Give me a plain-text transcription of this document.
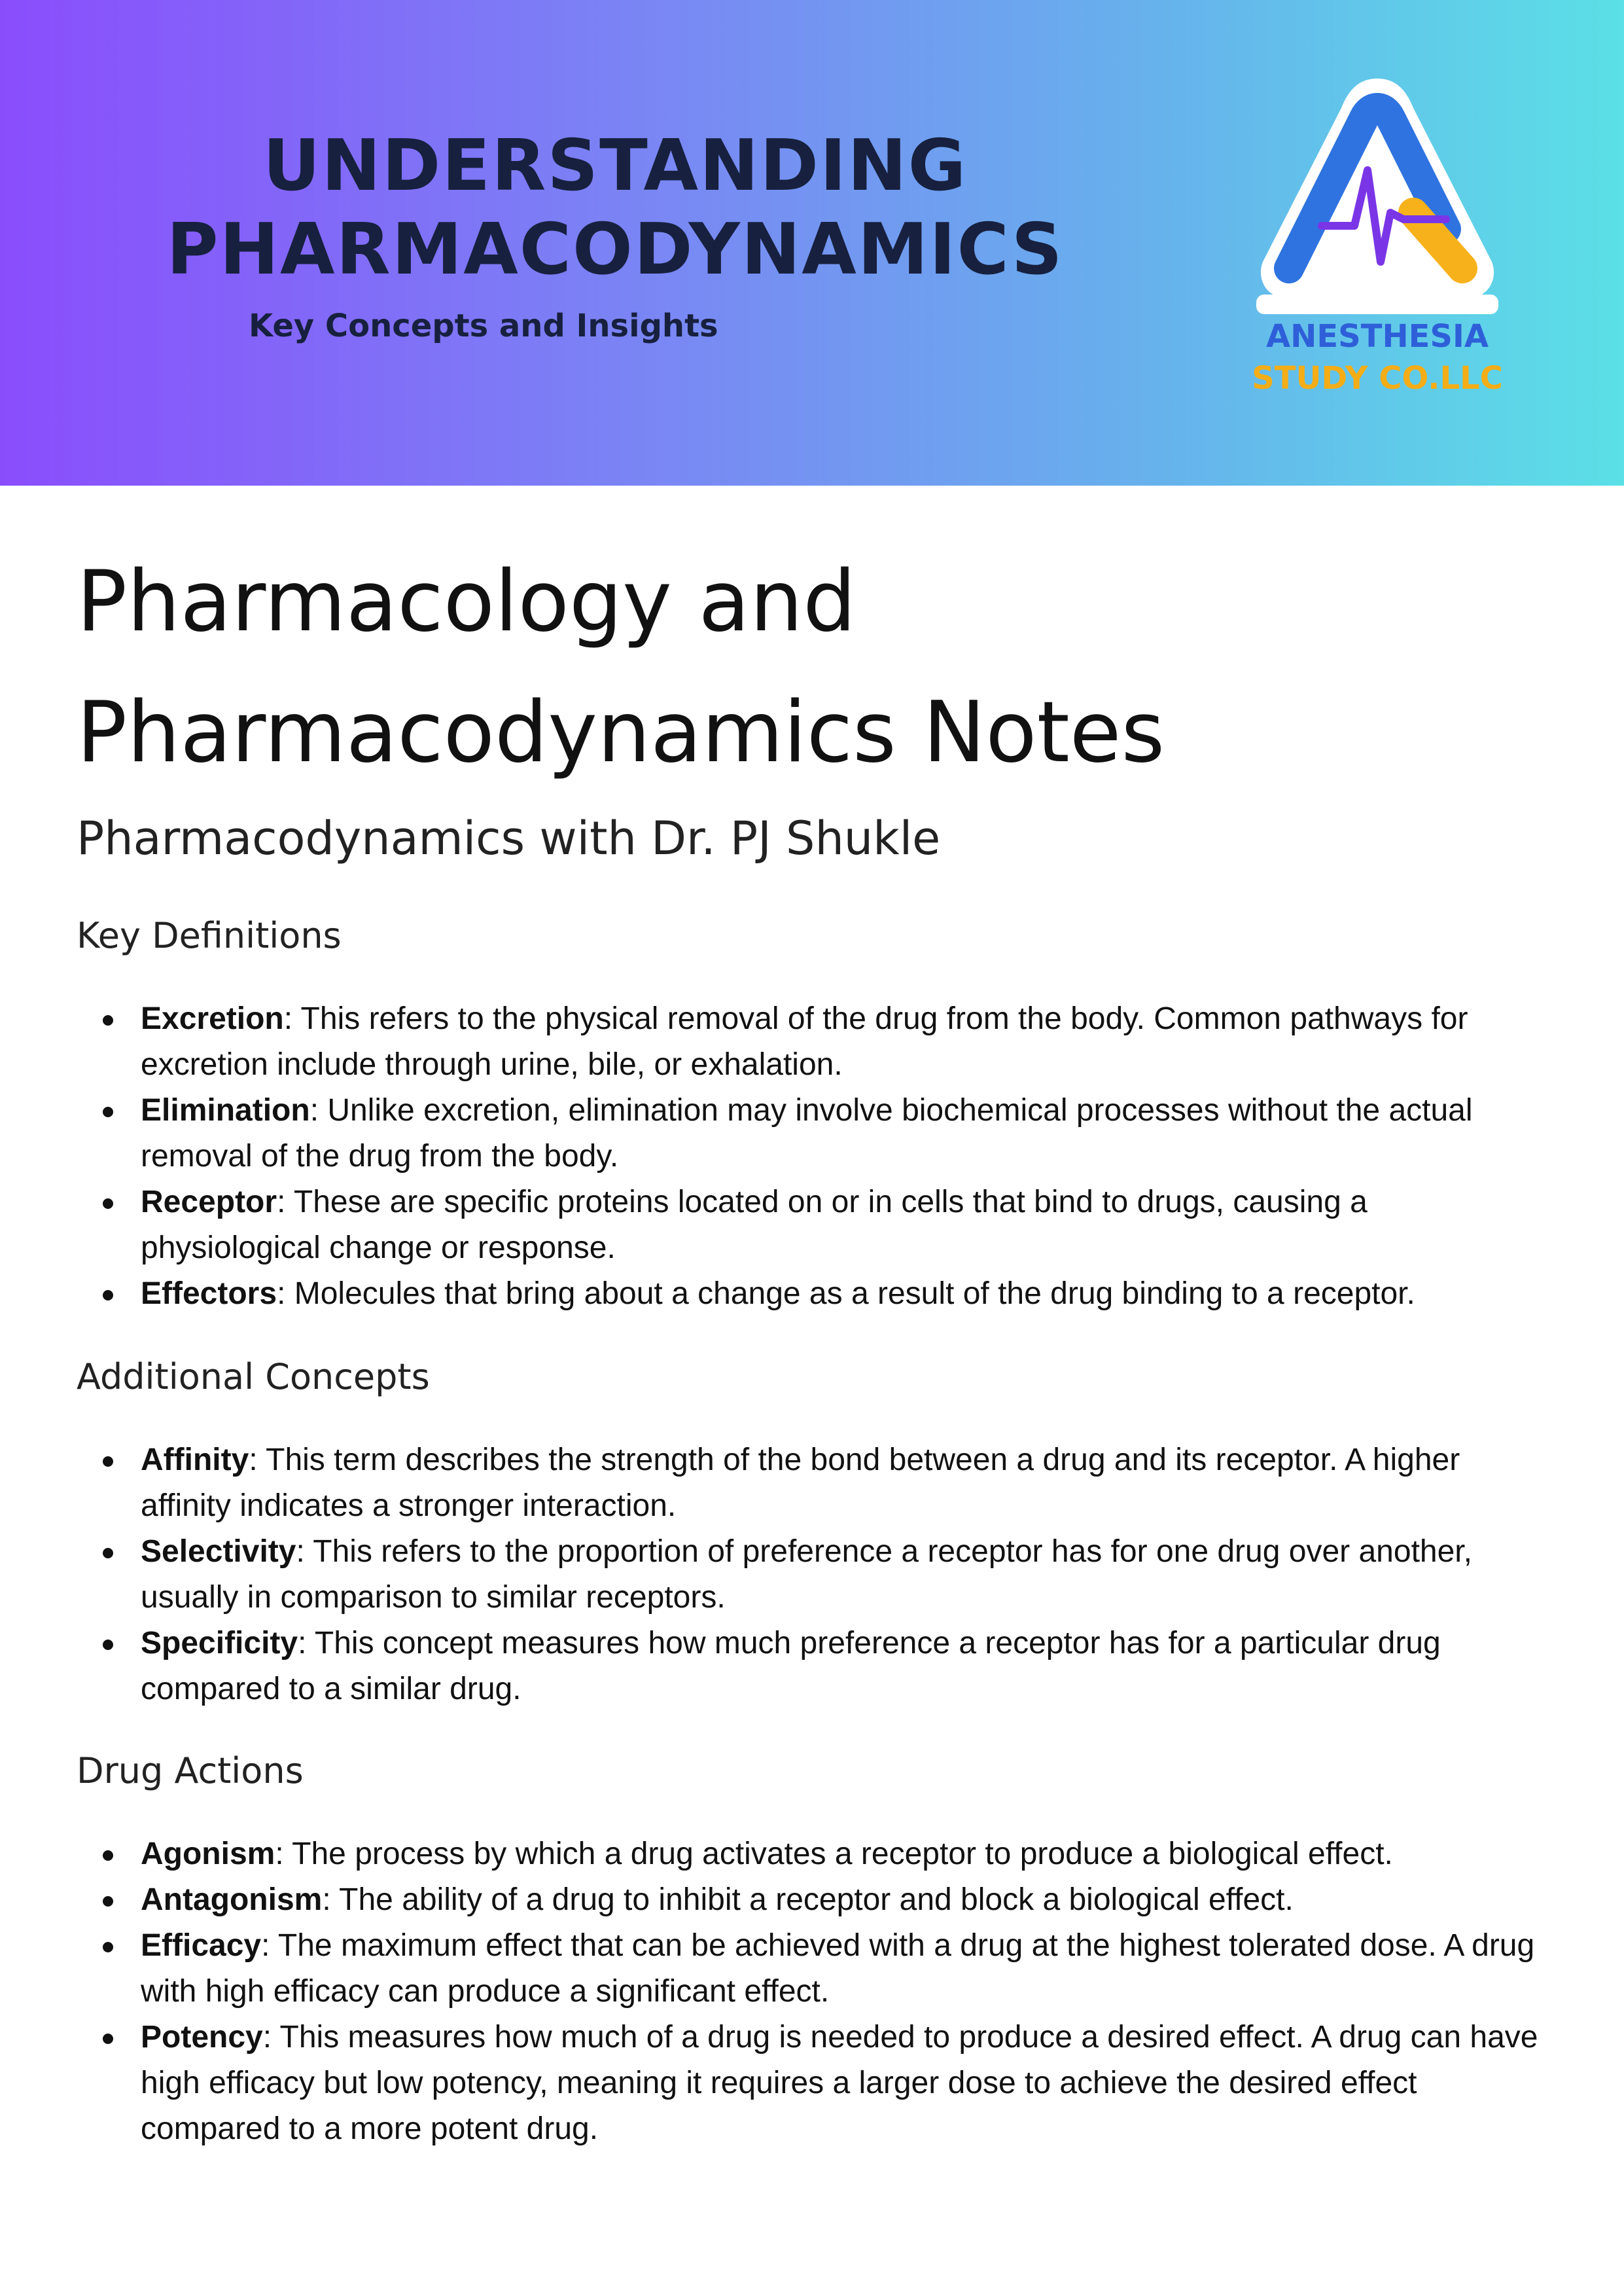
UNDERSTANDING
PHARMACODYNAMICS
Key Concepts and Insights	ANESTHESIA
STUDY CO.LLC
Pharmacology and
Pharmacodynamics Notes
Pharmacodynamics with Dr. PJ Shukle
Key Definitions
Excretion: This refers to the physical removal of the drug from the body. Common pathways for excretion include through urine, bile, or exhalation.
Elimination: Unlike excretion, elimination may involve biochemical processes without the actual removal of the drug from the body.
Receptor: These are specific proteins located on or in cells that bind to drugs, causing a physiological change or response.
Effectors: Molecules that bring about a change as a result of the drug binding to a receptor.
Additional Concepts
Affinity: This term describes the strength of the bond between a drug and its receptor. A higher affinity indicates a stronger interaction.
Selectivity: This refers to the proportion of preference a receptor has for one drug over another, usually in comparison to similar receptors.
Specificity: This concept measures how much preference a receptor has for a particular drug compared to a similar drug.
Drug Actions
Agonism: The process by which a drug activates a receptor to produce a biological effect.
Antagonism: The ability of a drug to inhibit a receptor and block a biological effect.
Efficacy: The maximum effect that can be achieved with a drug at the highest tolerated dose. A drug with high efficacy can produce a significant effect.
Potency: This measures how much of a drug is needed to produce a desired effect. A drug can have high efficacy but low potency, meaning it requires a larger dose to achieve the desired effect compared to a more potent drug.
